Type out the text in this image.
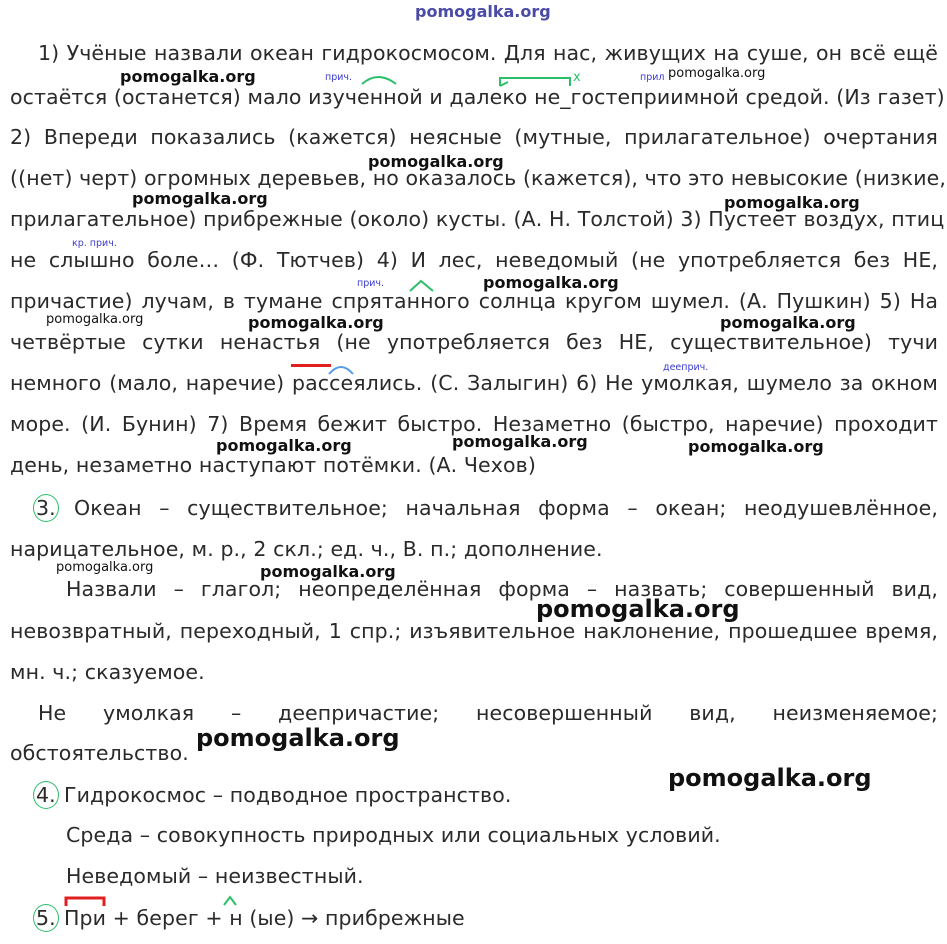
pomogalka.org
1) Учёные назвали океан гидрокосмосом. Для нас, живущих на суше, он всё ещё
остаётся (останется) мало изученной и далеко не_гостеприимной средой. (Из газет)
2) Впереди показались (кажется) неясные (мутные, прилагательное) очертания
((нет) черт) огромных деревьев, но оказалось (кажется), что это невысокие (низкие,
прилагательное) прибрежные (около) кусты. (А. Н. Толстой) 3) Пустеет воздух, птиц
не слышно боле… (Ф. Тютчев) 4) И лес, неведомый (не употребляется без НЕ,
причастие) лучам, в тумане спрятанного солнца кругом шумел. (А. Пушкин) 5) На
четвёртые сутки ненастья (не употребляется без НЕ, существительное) тучи
немного (мало, наречие) рассеялись. (С. Залыгин) 6) Не умолкая, шумело за окном
море. (И. Бунин) 7) Время бежит быстро. Незаметно (быстро, наречие) проходит
день, незаметно наступают потёмки. (А. Чехов)
3. Океан – существительное; начальная форма – океан; неодушевлённое,
нарицательное, м. р., 2 скл.; ед. ч., В. п.; дополнение.
Назвали – глагол; неопределённая форма – назвать; совершенный вид,
невозвратный, переходный, 1 спр.; изъявительное наклонение, прошедшее время,
мн. ч.; сказуемое.
Не умолкая – деепричастие; несовершенный вид, неизменяемое;
обстоятельство.
4. Гидрокосмос – подводное пространство.
Среда – совокупность природных или социальных условий.
Неведомый – неизвестный.
5. При + берег + н (ые) → прибрежные
прич.	прил
x
кр. прич.
прич.
дееприч.
pomogalka.org	pomogalka.org
pomogalka.org
pomogalka.org	pomogalka.org
pomogalka.org
pomogalka.org	pomogalka.org	pomogalka.org
pomogalka.org	pomogalka.org	pomogalka.org
pomogalka.org	pomogalka.org
pomogalka.org
pomogalka.org
pomogalka.org
